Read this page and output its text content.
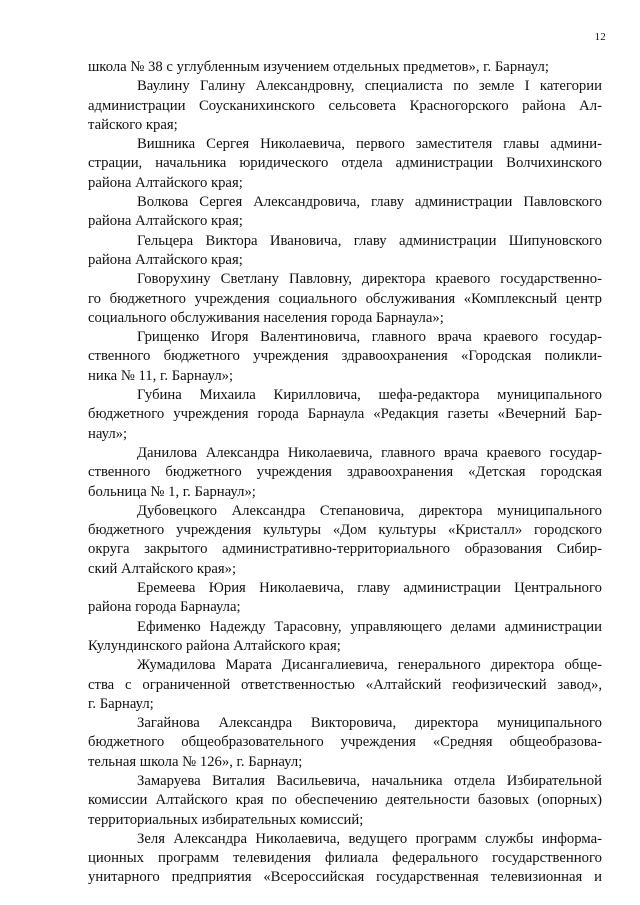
12
школа № 38 с углубленным изучением отдельных предметов», г. Барнаул;
Ваулину Галину Александровну, специалиста по земле I категории
администрации Соусканихинского сельсовета Красногорского района Ал-
тайского края;
Вишника Сергея Николаевича, первого заместителя главы админи-
страции, начальника юридического отдела администрации Волчихинского
района Алтайского края;
Волкова Сергея Александровича, главу администрации Павловского
района Алтайского края;
Гельцера Виктора Ивановича, главу администрации Шипуновского
района Алтайского края;
Говорухину Светлану Павловну, директора краевого государственно-
го бюджетного учреждения социального обслуживания «Комплексный центр
социального обслуживания населения города Барнаула»;
Грищенко Игоря Валентиновича, главного врача краевого государ-
ственного бюджетного учреждения здравоохранения «Городская поликли-
ника № 11, г. Барнаул»;
Губина Михаила Кирилловича, шефа-редактора муниципального
бюджетного учреждения города Барнаула «Редакция газеты «Вечерний Бар-
наул»;
Данилова Александра Николаевича, главного врача краевого государ-
ственного бюджетного учреждения здравоохранения «Детская городская
больница № 1, г. Барнаул»;
Дубовецкого Александра Степановича, директора муниципального
бюджетного учреждения культуры «Дом культуры «Кристалл» городского
округа закрытого административно-территориального образования Сибир-
ский Алтайского края»;
Еремеева Юрия Николаевича, главу администрации Центрального
района города Барнаула;
Ефименко Надежду Тарасовну, управляющего делами администрации
Кулундинского района Алтайского края;
Жумадилова Марата Дисангалиевича, генерального директора обще-
ства с ограниченной ответственностью «Алтайский геофизический завод»,
г. Барнаул;
Загайнова Александра Викторовича, директора муниципального
бюджетного общеобразовательного учреждения «Средняя общеобразова-
тельная школа № 126», г. Барнаул;
Замаруева Виталия Васильевича, начальника отдела Избирательной
комиссии Алтайского края по обеспечению деятельности базовых (опорных)
территориальных избирательных комиссий;
Зеля Александра Николаевича, ведущего программ службы информа-
ционных программ телевидения филиала федерального государственного
унитарного предприятия «Всероссийская государственная телевизионная и
